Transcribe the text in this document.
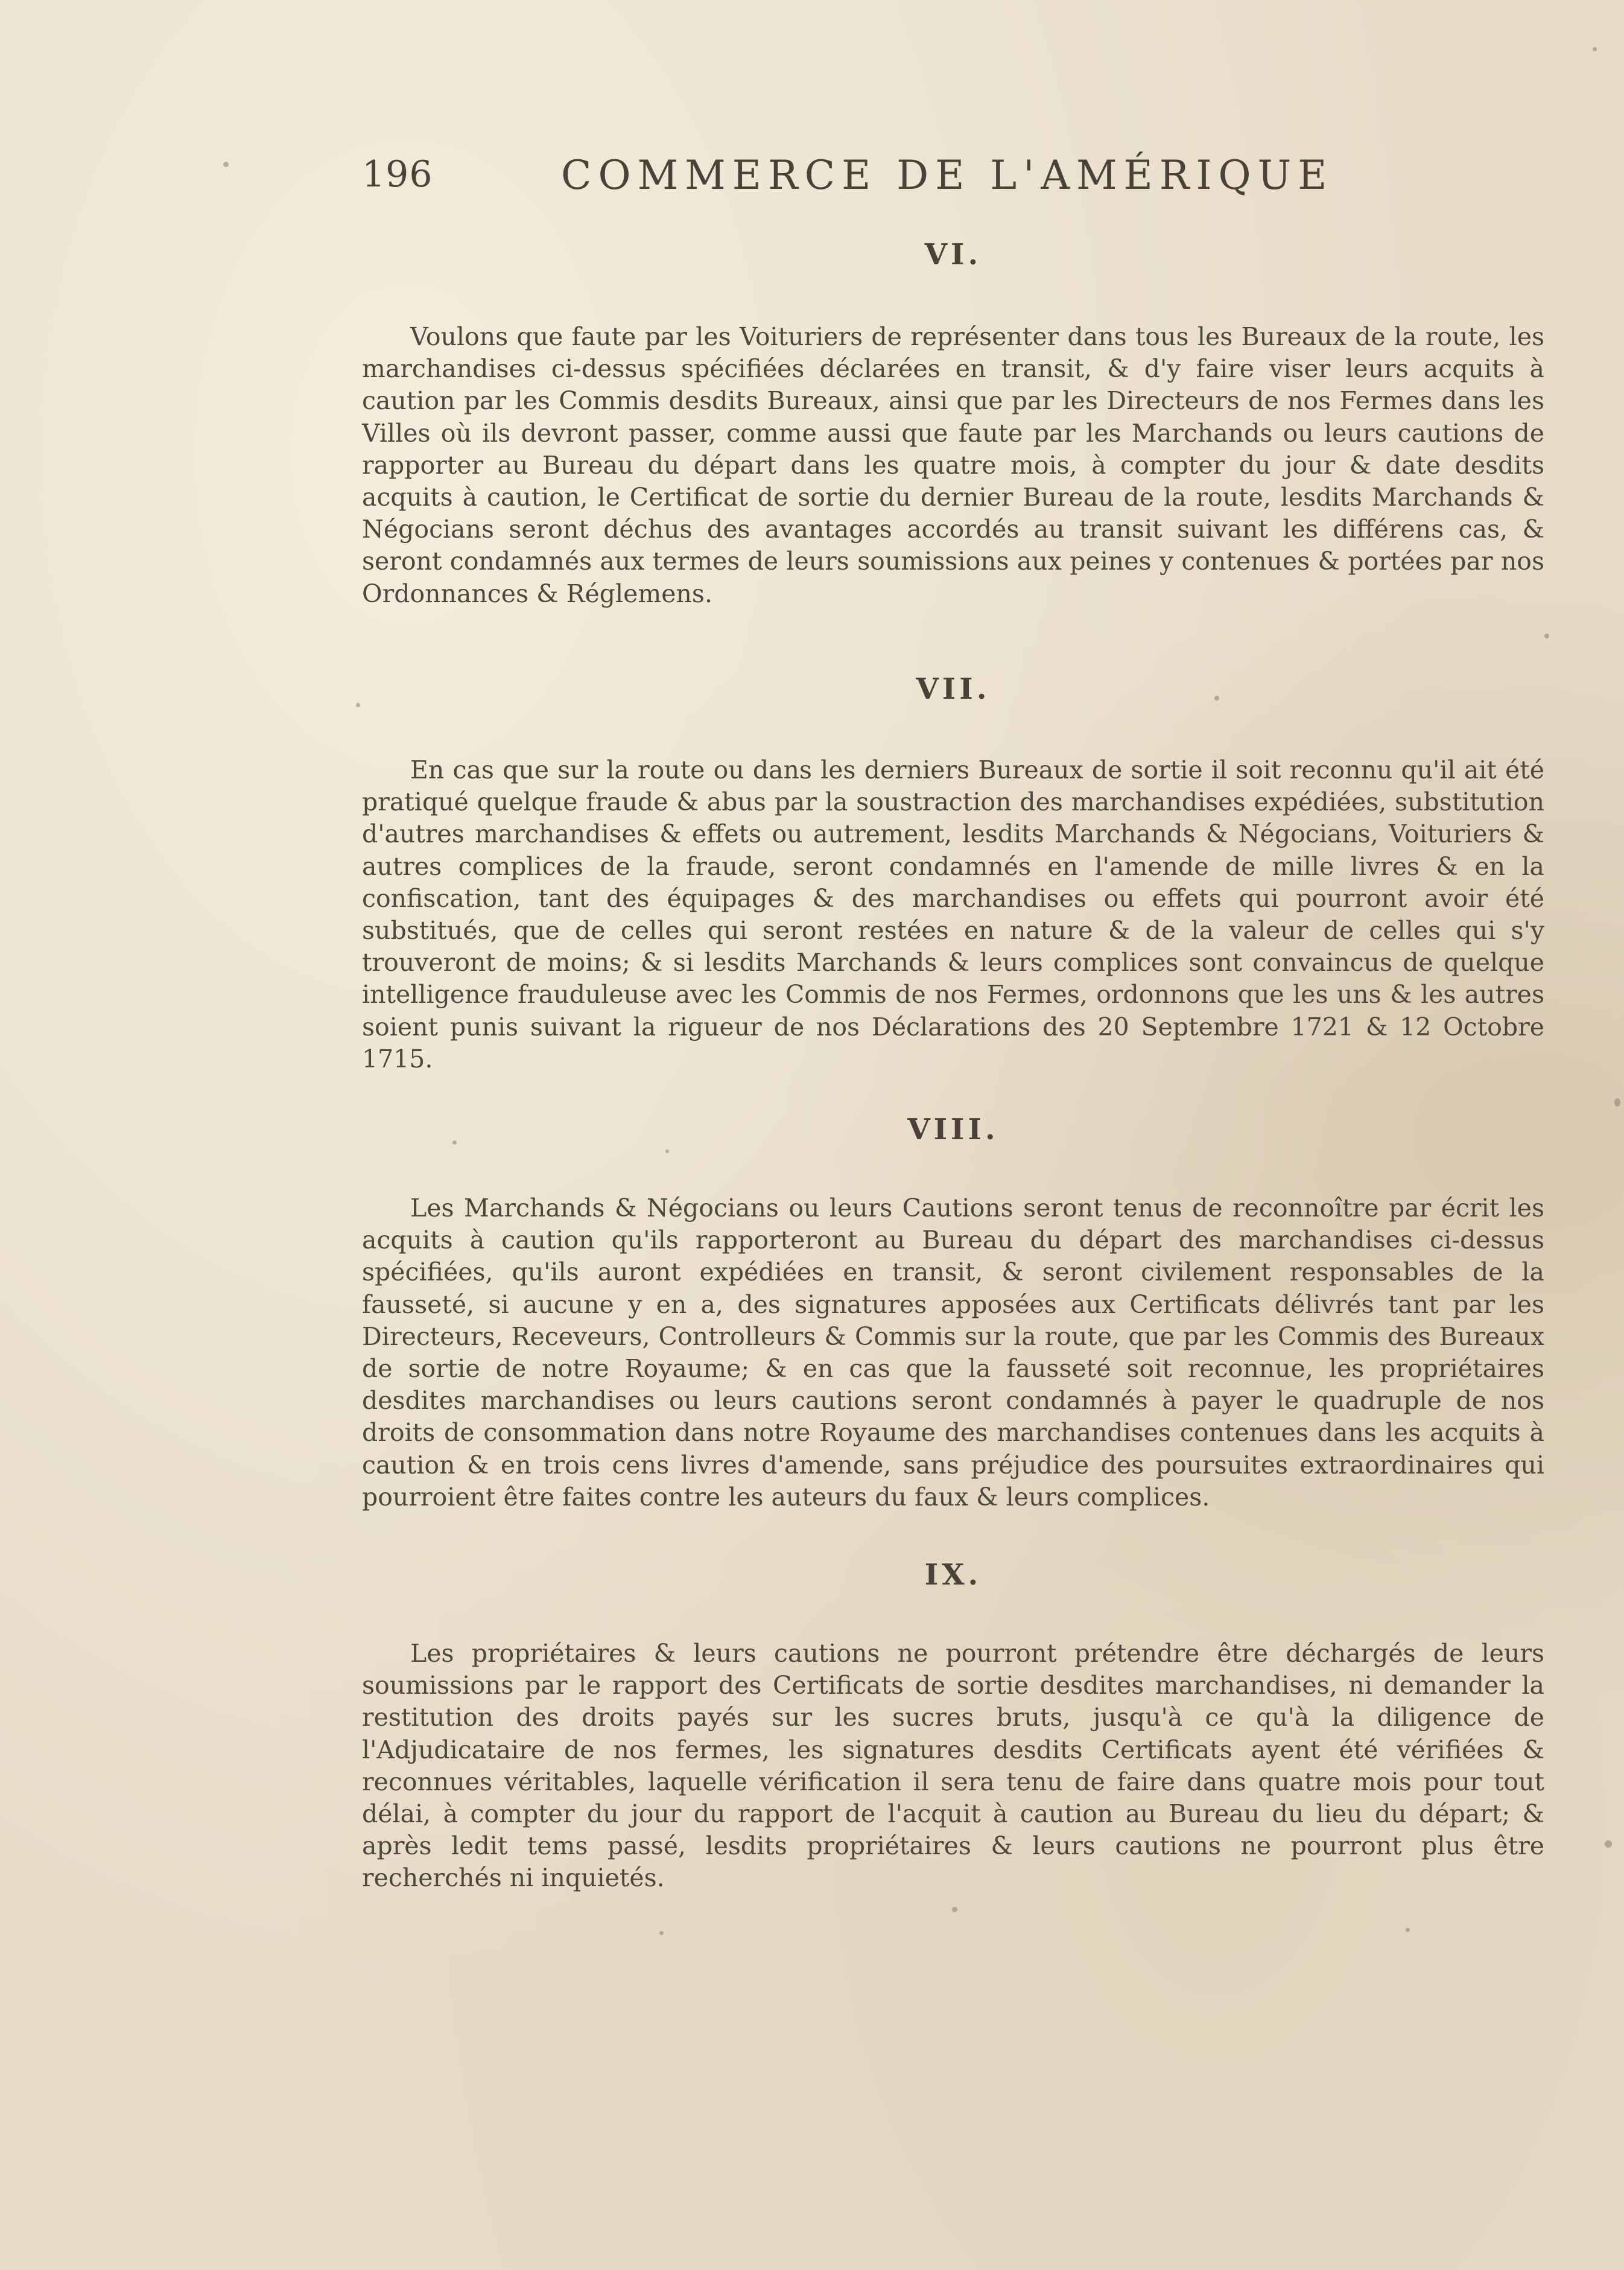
196	COMMERCE DE L'AMÉRIQUE
VI.

Voulons que faute par les Voituriers de représenter dans tous les Bureaux de la route, les marchandises ci-dessus spécifiées déclarées en transit, & d'y faire viser leurs acquits à caution par les Commis desdits Bureaux, ainsi que par les Directeurs de nos Fermes dans les Villes où ils devront passer, comme aussi que faute par les Marchands ou leurs cautions de rapporter au Bureau du départ dans les quatre mois, à compter du jour & date desdits acquits à caution, le Certificat de sortie du dernier Bureau de la route, lesdits Marchands & Négocians seront déchus des avantages accordés au transit suivant les différens cas, & seront condamnés aux termes de leurs soumissions aux peines y contenues & portées par nos Ordonnances & Réglemens.

VII.

En cas que sur la route ou dans les derniers Bureaux de sortie il soit reconnu qu'il ait été pratiqué quelque fraude & abus par la soustraction des marchandises expédiées, substitution d'autres marchandises & effets ou autrement, lesdits Marchands & Négocians, Voituriers & autres complices de la fraude, seront condamnés en l'amende de mille livres & en la confiscation, tant des équipages & des marchandises ou effets qui pourront avoir été substitués, que de celles qui seront restées en nature & de la valeur de celles qui s'y trouveront de moins; & si lesdits Marchands & leurs complices sont convaincus de quelque intelligence frauduleuse avec les Commis de nos Fermes, ordonnons que les uns & les autres soient punis suivant la rigueur de nos Déclarations des 20 Septembre 1721 & 12 Octobre 1715.

VIII.

Les Marchands & Négocians ou leurs Cautions seront tenus de reconnoître par écrit les acquits à caution qu'ils rapporteront au Bureau du départ des marchandises ci-dessus spécifiées, qu'ils auront expédiées en transit, & seront civilement responsables de la fausseté, si aucune y en a, des signatures apposées aux Certificats délivrés tant par les Directeurs, Receveurs, Controlleurs & Commis sur la route, que par les Commis des Bureaux de sortie de notre Royaume; & en cas que la fausseté soit reconnue, les propriétaires desdites marchandises ou leurs cautions seront condamnés à payer le quadruple de nos droits de consommation dans notre Royaume des marchandises contenues dans les acquits à caution & en trois cens livres d'amende, sans préjudice des poursuites extraordinaires qui pourroient être faites contre les auteurs du faux & leurs complices.

IX.

Les propriétaires & leurs cautions ne pourront prétendre être déchargés de leurs soumissions par le rapport des Certificats de sortie desdites marchandises, ni demander la restitution des droits payés sur les sucres bruts, jusqu'à ce qu'à la diligence de l'Adjudicataire de nos fermes, les signatures desdits Certificats ayent été vérifiées & reconnues véritables, laquelle vérification il sera tenu de faire dans quatre mois pour tout délai, à compter du jour du rapport de l'acquit à caution au Bureau du lieu du départ; & après ledit tems passé, lesdits propriétaires & leurs cautions ne pourront plus être recherchés ni inquietés.
